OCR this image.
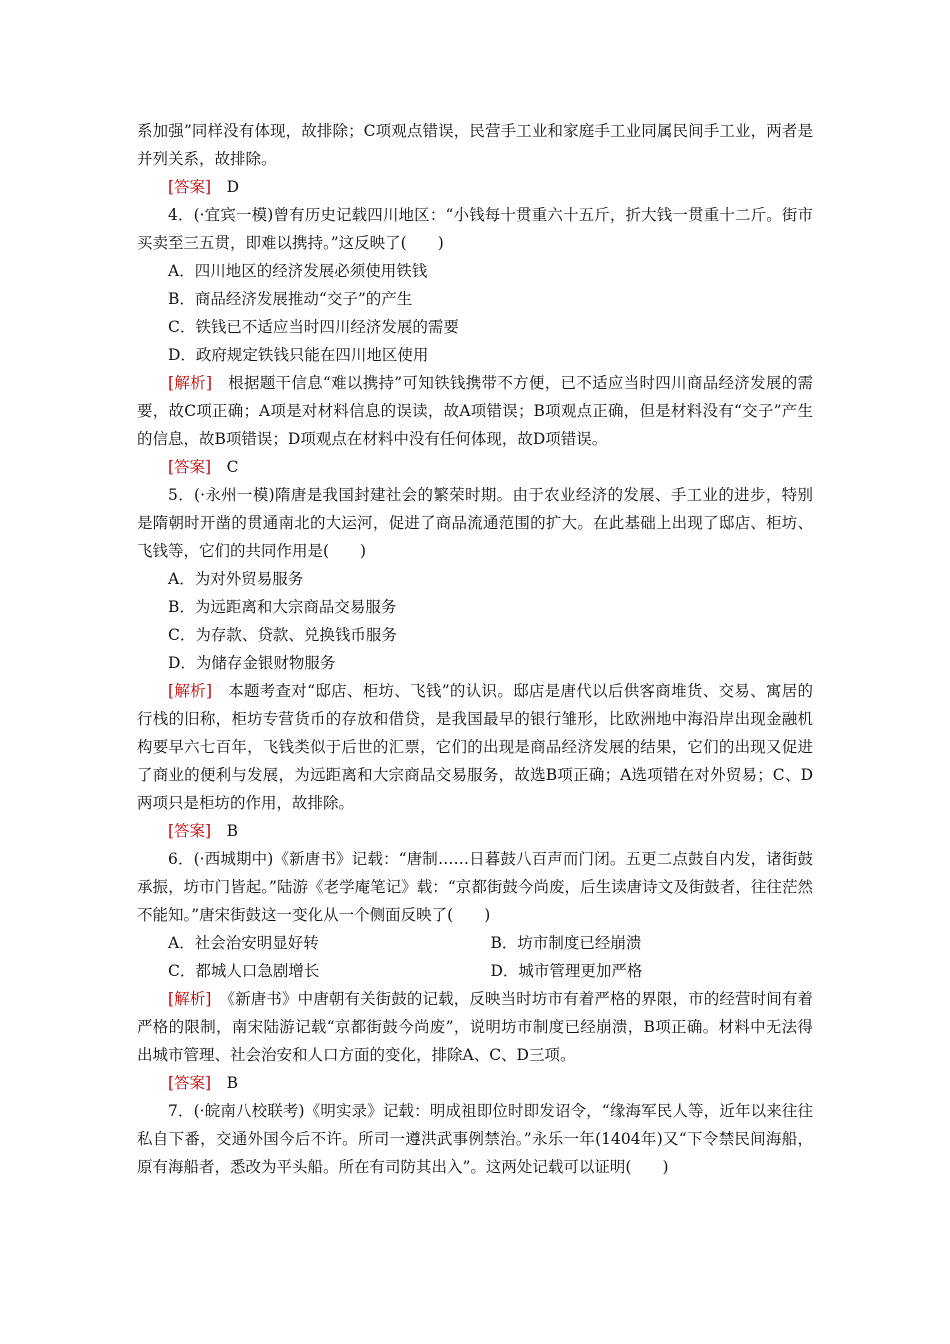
系加强”同样没有体现，故排除；C项观点错误，民营手工业和家庭手工业同属民间手工业，两者是并列关系，故排除。

[答案]　 D

4．(·宜宾一模)曾有历史记载四川地区：“小钱每十贯重六十五斤，折大钱一贯重十二斤。街市买卖至三五贯，即难以携持。”这反映了(　　)

A．四川地区的经济发展必须使用铁钱

B．商品经济发展推动“交子”的产生

C．铁钱已不适应当时四川经济发展的需要

D．政府规定铁钱只能在四川地区使用

[解析]　 根据题干信息“难以携持”可知铁钱携带不方便，已不适应当时四川商品经济发展的需要，故C项正确；A项是对材料信息的误读，故A项错误；B项观点正确，但是材料没有“交子”产生的信息，故B项错误；D项观点在材料中没有任何体现，故D项错误。

[答案]　 C

5．(·永州一模)隋唐是我国封建社会的繁荣时期。由于农业经济的发展、手工业的进步，特别是隋朝时开凿的贯通南北的大运河，促进了商品流通范围的扩大。在此基础上出现了邸店、柜坊、飞钱等，它们的共同作用是(　　)

A．为对外贸易服务

B．为远距离和大宗商品交易服务

C．为存款、贷款、兑换钱币服务

D．为储存金银财物服务

[解析]　 本题考查对“邸店、柜坊、飞钱”的认识。邸店是唐代以后供客商堆货、交易、寓居的行栈的旧称，柜坊专营货币的存放和借贷，是我国最早的银行雏形，比欧洲地中海沿岸出现金融机构要早六七百年，飞钱类似于后世的汇票，它们的出现是商品经济发展的结果，它们的出现又促进了商业的便利与发展，为远距离和大宗商品交易服务，故选B项正确；A选项错在对外贸易；C、D两项只是柜坊的作用，故排除。

[答案]　 B

6．(·西城期中)《新唐书》记载：“唐制……日暮鼓八百声而门闭。五更二点鼓自内发，诸街鼓承振，坊市门皆起。”陆游《老学庵笔记》载：“京都街鼓今尚废，后生读唐诗文及街鼓者，往往茫然不能知。”唐宋街鼓这一变化从一个侧面反映了(　　)

A．社会治安明显好转	B．坊市制度已经崩溃
C．都城人口急剧增长	D．城市管理更加严格

[解析]　 《新唐书》中唐朝有关街鼓的记载，反映当时坊市有着严格的界限，市的经营时间有着严格的限制，南宋陆游记载“京都街鼓今尚废”，说明坊市制度已经崩溃，B项正确。材料中无法得出城市管理、社会治安和人口方面的变化，排除A、C、D三项。

[答案]　 B

7．(·皖南八校联考)《明实录》记载：明成祖即位时即发诏令，“缘海军民人等，近年以来往往私自下番，交通外国今后不许。所司一遵洪武事例禁治。”永乐一年(1404年)又“下令禁民间海船，原有海船者，悉改为平头船。所在有司防其出入”。这两处记载可以证明(　　)
